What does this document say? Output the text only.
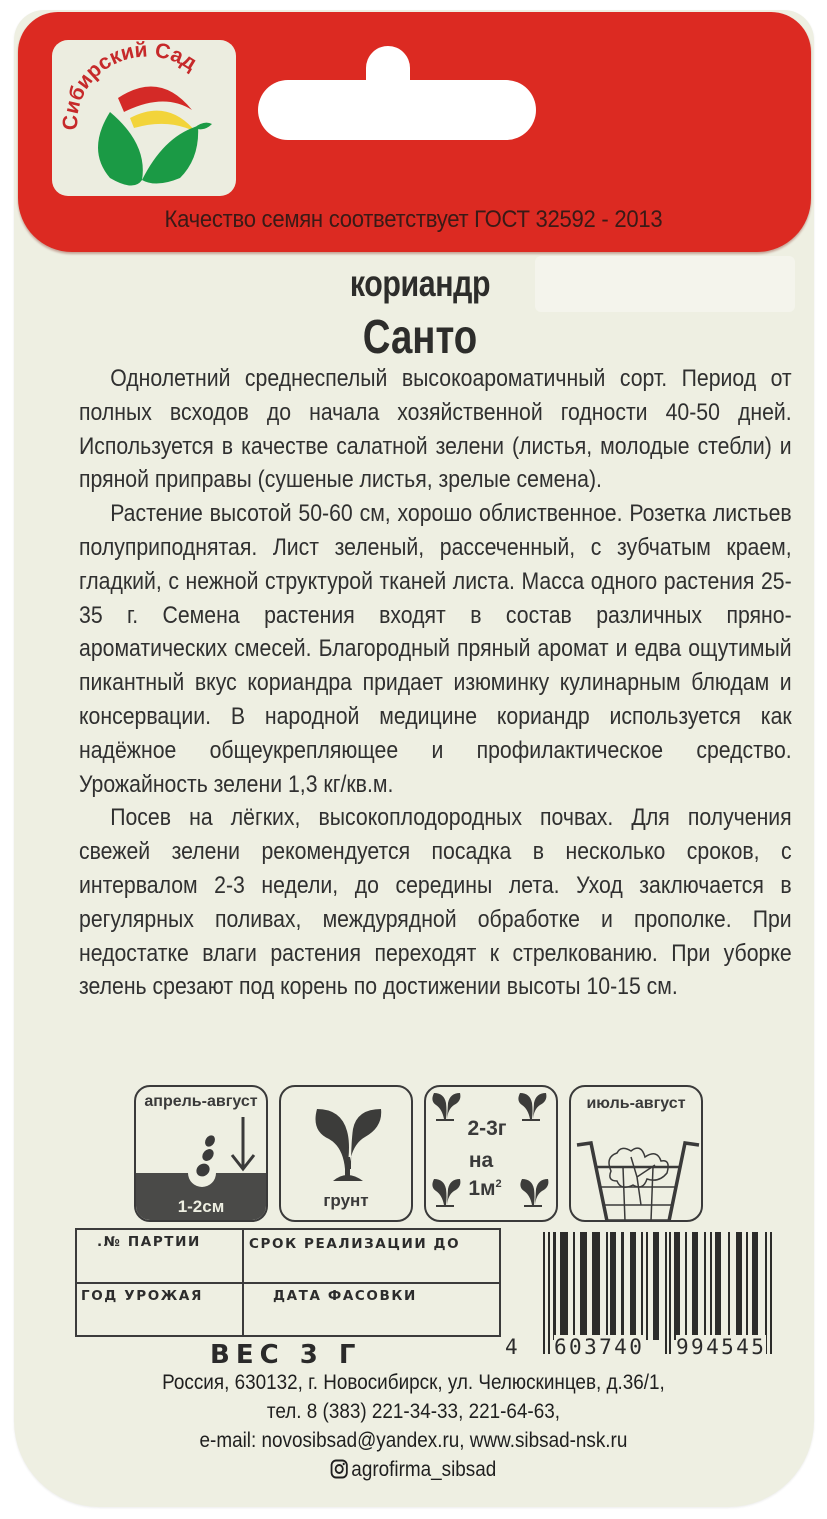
Сибирский Сад
Качество семян соответствует ГОСТ 32592 - 2013
кориандр
Санто

Однолетний среднеспелый высокоароматичный сорт. Период от полных всходов до начала хозяйственной годности 40-50 дней. Используется в качестве салатной зелени (листья, молодые стебли) и пряной приправы (сушеные листья, зрелые семена).

Растение высотой 50-60 см, хорошо облиственное. Розетка листьев полуприподнятая. Лист зеленый, рассеченный, с зубчатым краем, гладкий, с нежной структурой тканей листа. Масса одного растения 25-35 г. Семена растения входят в состав различных пряно-ароматических смесей. Благородный пряный аромат и едва ощутимый пикантный вкус кориандра придает изюминку кулинарным блюдам и консервации. В народной медицине кориандр используется как надёжное общеукрепляющее и профилактическое средство. Урожайность зелени 1,3 кг/кв.м.

Посев на лёгких, высокоплодородных почвах. Для получения свежей зелени рекомендуется посадка в несколько сроков, с интервалом 2-3 недели, до середины лета. Уход заключается в регулярных поливах, междурядной обработке и прополке. При недостатке влаги растения переходят к стрелкованию. При уборке зелень срезают под корень по достижении высоты 10-15 см.

апрель-август
1-2см	грунт
2-3г
на
$1м^2$
июль-август
.№ ПАРТИИ	СРОК РЕАЛИЗАЦИИ ДО
ГОД УРОЖАЯ	ДАТА ФАСОВКИ
ВЕС 3 Г	4 603740 994545
Россия, 630132, г. Новосибирск, ул. Челюскинцев, д.36/1,
тел. 8 (383) 221-34-33, 221-64-63,
e-mail: novosibsad@yandex.ru, www.sibsad-nsk.ru
agrofirma_sibsad
